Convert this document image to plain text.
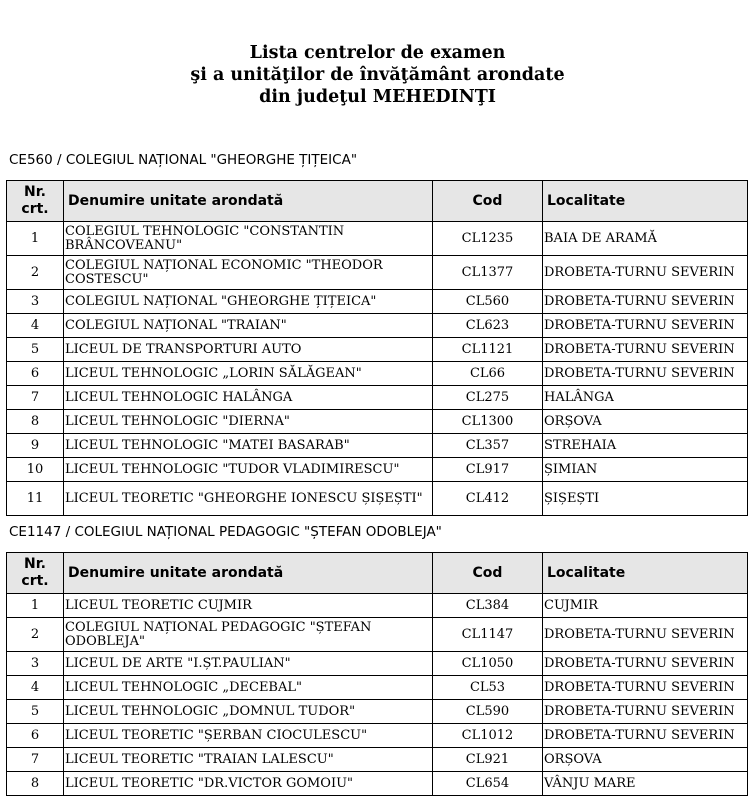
Lista centrelor de examen
şi a unităţilor de învăţământ arondate
din judeţul MEHEDINŢI
CE560 / COLEGIUL NAȚIONAL "GHEORGHE ȚIȚEICA"
Nr. crt.	Denumire unitate arondată	Cod	Localitate
1	COLEGIUL TEHNOLOGIC "CONSTANTIN BRÂNCOVEANU"	CL1235	BAIA DE ARAMĂ
2	COLEGIUL NAȚIONAL ECONOMIC "THEODOR COSTESCU"	CL1377	DROBETA-TURNU SEVERIN
3	COLEGIUL NAȚIONAL "GHEORGHE ȚIȚEICA"	CL560	DROBETA-TURNU SEVERIN
4	COLEGIUL NAȚIONAL "TRAIAN"	CL623	DROBETA-TURNU SEVERIN
5	LICEUL DE TRANSPORTURI AUTO	CL1121	DROBETA-TURNU SEVERIN
6	LICEUL TEHNOLOGIC „LORIN SĂLĂGEAN"	CL66	DROBETA-TURNU SEVERIN
7	LICEUL TEHNOLOGIC HALÂNGA	CL275	HALÂNGA
8	LICEUL TEHNOLOGIC "DIERNA"	CL1300	ORȘOVA
9	LICEUL TEHNOLOGIC "MATEI BASARAB"	CL357	STREHAIA
10	LICEUL TEHNOLOGIC "TUDOR VLADIMIRESCU"	CL917	ȘIMIAN
11	LICEUL TEORETIC "GHEORGHE IONESCU ȘIȘEȘTI"	CL412	ȘIȘEȘTI
CE1147 / COLEGIUL NAȚIONAL PEDAGOGIC "ȘTEFAN ODOBLEJA"
Nr. crt.	Denumire unitate arondată	Cod	Localitate
1	LICEUL TEORETIC CUJMIR	CL384	CUJMIR
2	COLEGIUL NAȚIONAL PEDAGOGIC "ȘTEFAN ODOBLEJA"	CL1147	DROBETA-TURNU SEVERIN
3	LICEUL DE ARTE "I.ȘT.PAULIAN"	CL1050	DROBETA-TURNU SEVERIN
4	LICEUL TEHNOLOGIC „DECEBAL"	CL53	DROBETA-TURNU SEVERIN
5	LICEUL TEHNOLOGIC „DOMNUL TUDOR"	CL590	DROBETA-TURNU SEVERIN
6	LICEUL TEORETIC "ȘERBAN CIOCULESCU"	CL1012	DROBETA-TURNU SEVERIN
7	LICEUL TEORETIC "TRAIAN LALESCU"	CL921	ORȘOVA
8	LICEUL TEORETIC "DR.VICTOR GOMOIU"	CL654	VÂNJU MARE
